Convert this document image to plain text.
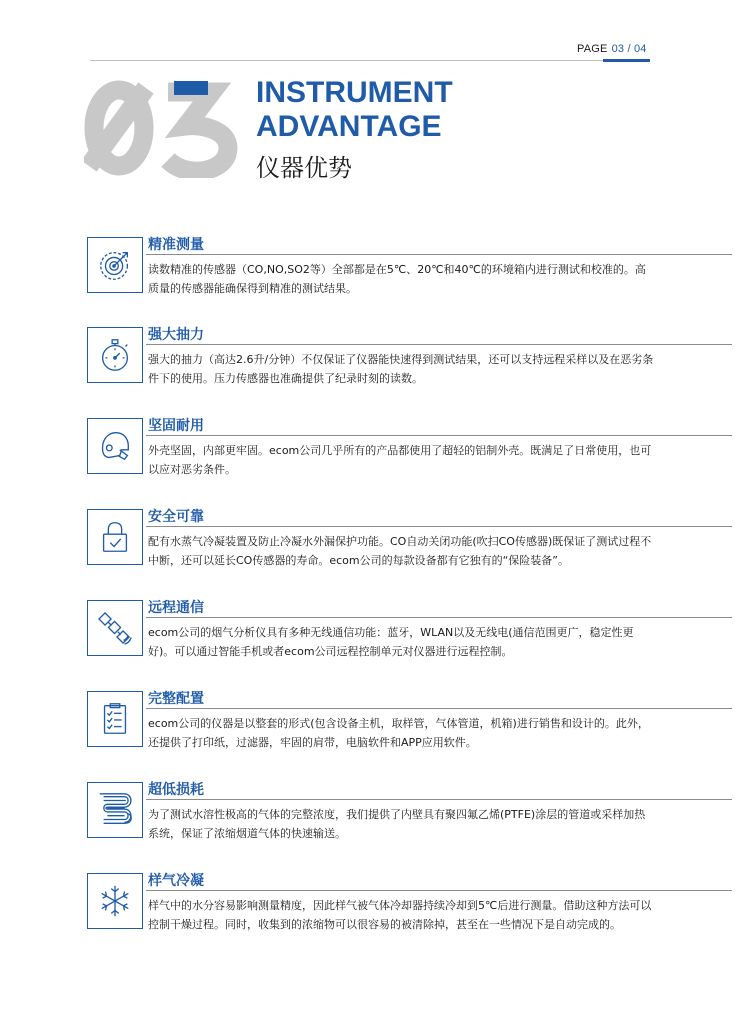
PAGE 03 / 04
INSTRUMENT
ADVANTAGE
仪器优势
精准测量
读数精准的传感器（CO,NO,SO2等）全部都是在5℃、20℃和40℃的环境箱内进行测试和校准的。高质量的传感器能确保得到精准的测试结果。
强大抽力
强大的抽力（高达2.6升/分钟）不仅保证了仪器能快速得到测试结果，还可以支持远程采样以及在恶劣条件下的使用。压力传感器也准确提供了纪录时刻的读数。
坚固耐用
外壳坚固，内部更牢固。ecom公司几乎所有的产品都使用了超轻的铝制外壳。既满足了日常使用，也可以应对恶劣条件。
安全可靠
配有水蒸气冷凝装置及防止冷凝水外漏保护功能。CO自动关闭功能(吹扫CO传感器)既保证了测试过程不中断，还可以延长CO传感器的寿命。ecom公司的每款设备都有它独有的“保险装备”。
远程通信
ecom公司的烟气分析仪具有多种无线通信功能：蓝牙，WLAN以及无线电(通信范围更广，稳定性更好)。可以通过智能手机或者ecom公司远程控制单元对仪器进行远程控制。
完整配置
ecom公司的仪器是以整套的形式(包含设备主机，取样管，气体管道，机箱)进行销售和设计的。此外，还提供了打印纸，过滤器，牢固的肩带，电脑软件和APP应用软件。
超低损耗
为了测试水溶性极高的气体的完整浓度，我们提供了内壁具有聚四氟乙烯(PTFE)涂层的管道或采样加热系统，保证了浓缩烟道气体的快速输送。
样气冷凝
样气中的水分容易影响测量精度，因此样气被气体冷却器持续冷却到5℃后进行测量。借助这种方法可以控制干燥过程。同时，收集到的浓缩物可以很容易的被清除掉，甚至在一些情况下是自动完成的。
